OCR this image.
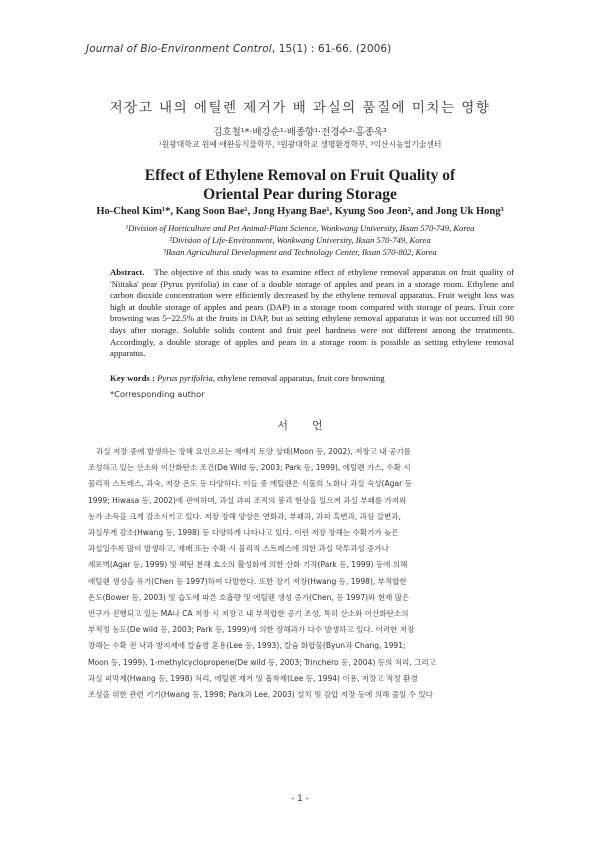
Journal of Bio-Environment Control, 15(1) : 61-66. (2006)
저장고 내의 에틸렌 제거가 배 과실의 품질에 미치는 영향
김호철¹*·배강순¹·배종향¹·전경수²·홍종욱³
¹원광대학교 원예·애완동식물학부, ²원광대학교 생명환경학부, ³익산시농업기술센터
Effect of Ethylene Removal on Fruit Quality of
Oriental Pear during Storage
Ho-Cheol Kim¹*, Kang Soon Bae¹, Jong Hyang Bae¹, Kyung Soo Jeon², and Jong Uk Hong³
¹Division of Horticulture and Pet Animal-Plant Science, Wonkwang University, Iksan 570-749, Korea
²Division of Life-Environment, Wonkwang University, Iksan 570-749, Korea
³Iksan Agricultural Development and Technology Center, Iksan 570-802, Korea
Abstract. The objective of this study was to examine effect of ethylene removal apparatus on fruit quality of 'Niitaka' pear (Pyrus pyrifolia) in case of a double storage of apples and pears in a storage room. Ethylene and carbon dioxide concentration were efficiently decreased by the ethylene removal apparatus. Fruit weight loss was high at double storage of apples and pears (DAP) in a storage room compared with storage of pears. Fruit core browning was 5~22.5% at the fruits in DAP, but as setting ethylene removal apparatus it was not occurred till 90 days after storage. Soluble solids content and fruit peel hardness were not different among the treatments. Accordingly, a double storage of apples and pears in a storage room is possible as setting ethylene removal apparatus.
Key words : Pyrus pyrifolria, ethylene removal apparatus, fruit core browning
*Corresponding author
서언
과실 저장 중에 발생하는 장해 요인으로는 재배지 토양 상태(Moon 등, 2002), 저장고 내 공기를
조성하고 있는 산소와 이산화탄소 조건(De Wild 등, 2003; Park 등, 1999), 에틸렌 가스, 수확 시
물리적 스트레스, 과숙, 저장 온도 등 다양하다. 이들 중 에틸렌은 식물의 노화나 과실 숙성(Agar 등
1999; Hiwasa 등, 2002)에 관여하며, 과실 과피 조직의 붕괴 현상을 일으켜 과실 부패를 가져와
농가 소득을 크게 감소시키고 있다. 저장 장해 양상은 연화과, 부패과, 과피 흑변과, 과심 갈변과,
과실무게 감소(Hwang 등, 1998) 등 다양하게 나타나고 있다. 이런 저장 장해는 수확기가 늦은
과실일수록 많이 발생하고, 재배 또는 수확 시 물리적 스트레스에 의한 과실 막투과성 증가나
세포벽(Agar 등, 1999) 및 펙틴 분해 효소의 활성화에 의한 산화 기작(Park 등, 1999) 등에 의해
에틸렌 생성을 유기(Chen 등 1997)하여 다발한다. 또한 장기 저장(Hwang 등, 1998), 부적합한
온도(Bower 등, 2003) 및 습도에 따른 호흡량 및 에틸렌 생성 증가(Chen, 등 1997)와 현재 많은
연구가 진행되고 있는 MA나 CA 저장 시 저장고 내 부적합한 공기 조성, 특히 산소와 이산화탄소의
부적정 농도(De wild 등, 2003; Park 등, 1999)에 의한 장해과가 다수 발생하고 있다. 이러한 저장
장해는 수확 전 낙과 방지제에 칼슘염 혼용(Lee 등, 1993), 칼슘 화합물(Byun과 Chang, 1991;
Moon 등, 1999), 1-methylcyclopropene(De wild 등, 2003; Trinchero 등, 2004) 등의 처리, 그리고
과실 피막제(Hwang 등, 1998) 처리, 에틸렌 제거 및 흡착제(Lee 등, 1994) 이용, 저장고 적정 환경
조성을 위한 관련 기기(Hwang 등, 1998; Park과 Lee, 2003) 설치 및 감압 저장 등에 의해 줄일 수 있다
- 1 -
